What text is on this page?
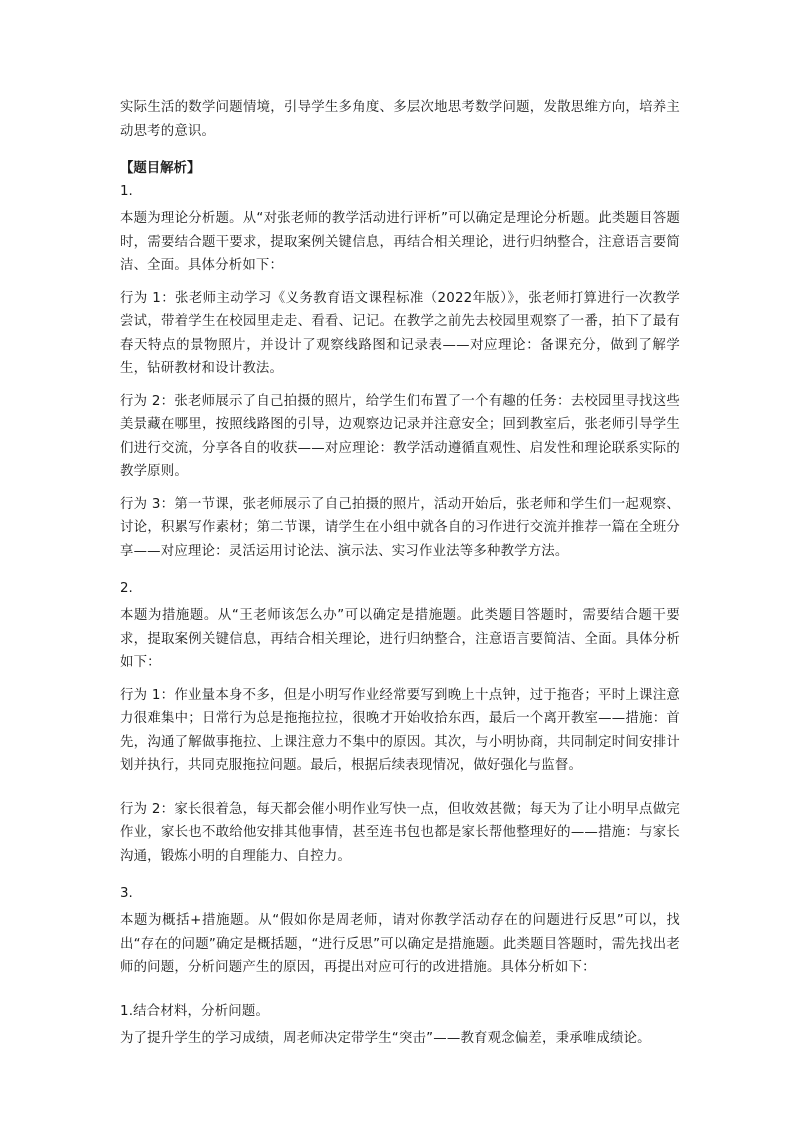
实际生活的数学问题情境，引导学生多角度、多层次地思考数学问题，发散思维方向，培养主动思考的意识。

【题目解析】

1.

本题为理论分析题。从“对张老师的教学活动进行评析”可以确定是理论分析题。此类题目答题时，需要结合题干要求，提取案例关键信息，再结合相关理论，进行归纳整合，注意语言要简洁、全面。具体分析如下：

行为 1：张老师主动学习《义务教育语文课程标准（2022年版）》，张老师打算进行一次教学尝试，带着学生在校园里走走、看看、记记。在教学之前先去校园里观察了一番，拍下了最有春天特点的景物照片，并设计了观察线路图和记录表——对应理论：备课充分，做到了解学生，钻研教材和设计教法。

行为 2：张老师展示了自己拍摄的照片，给学生们布置了一个有趣的任务：去校园里寻找这些美景藏在哪里，按照线路图的引导，边观察边记录并注意安全；回到教室后，张老师引导学生们进行交流，分享各自的收获——对应理论：教学活动遵循直观性、启发性和理论联系实际的教学原则。

行为 3：第一节课，张老师展示了自己拍摄的照片，活动开始后，张老师和学生们一起观察、讨论，积累写作素材；第二节课，请学生在小组中就各自的习作进行交流并推荐一篇在全班分享——对应理论：灵活运用讨论法、演示法、实习作业法等多种教学方法。

2.

本题为措施题。从“王老师该怎么办”可以确定是措施题。此类题目答题时，需要结合题干要求，提取案例关键信息，再结合相关理论，进行归纳整合，注意语言要简洁、全面。具体分析如下：

行为 1：作业量本身不多，但是小明写作业经常要写到晚上十点钟，过于拖沓；平时上课注意力很难集中；日常行为总是拖拖拉拉，很晚才开始收拾东西，最后一个离开教室——措施：首先，沟通了解做事拖拉、上课注意力不集中的原因。其次，与小明协商，共同制定时间安排计划并执行，共同克服拖拉问题。最后，根据后续表现情况，做好强化与监督。

行为 2：家长很着急，每天都会催小明作业写快一点，但收效甚微；每天为了让小明早点做完作业，家长也不敢给他安排其他事情，甚至连书包也都是家长帮他整理好的——措施：与家长沟通，锻炼小明的自理能力、自控力。

3.

本题为概括+措施题。从“假如你是周老师，请对你教学活动存在的问题进行反思”可以，找出“存在的问题”确定是概括题，“进行反思”可以确定是措施题。此类题目答题时，需先找出老师的问题，分析问题产生的原因，再提出对应可行的改进措施。具体分析如下：

1.结合材料，分析问题。

为了提升学生的学习成绩，周老师决定带学生“突击”——教育观念偏差，秉承唯成绩论。
